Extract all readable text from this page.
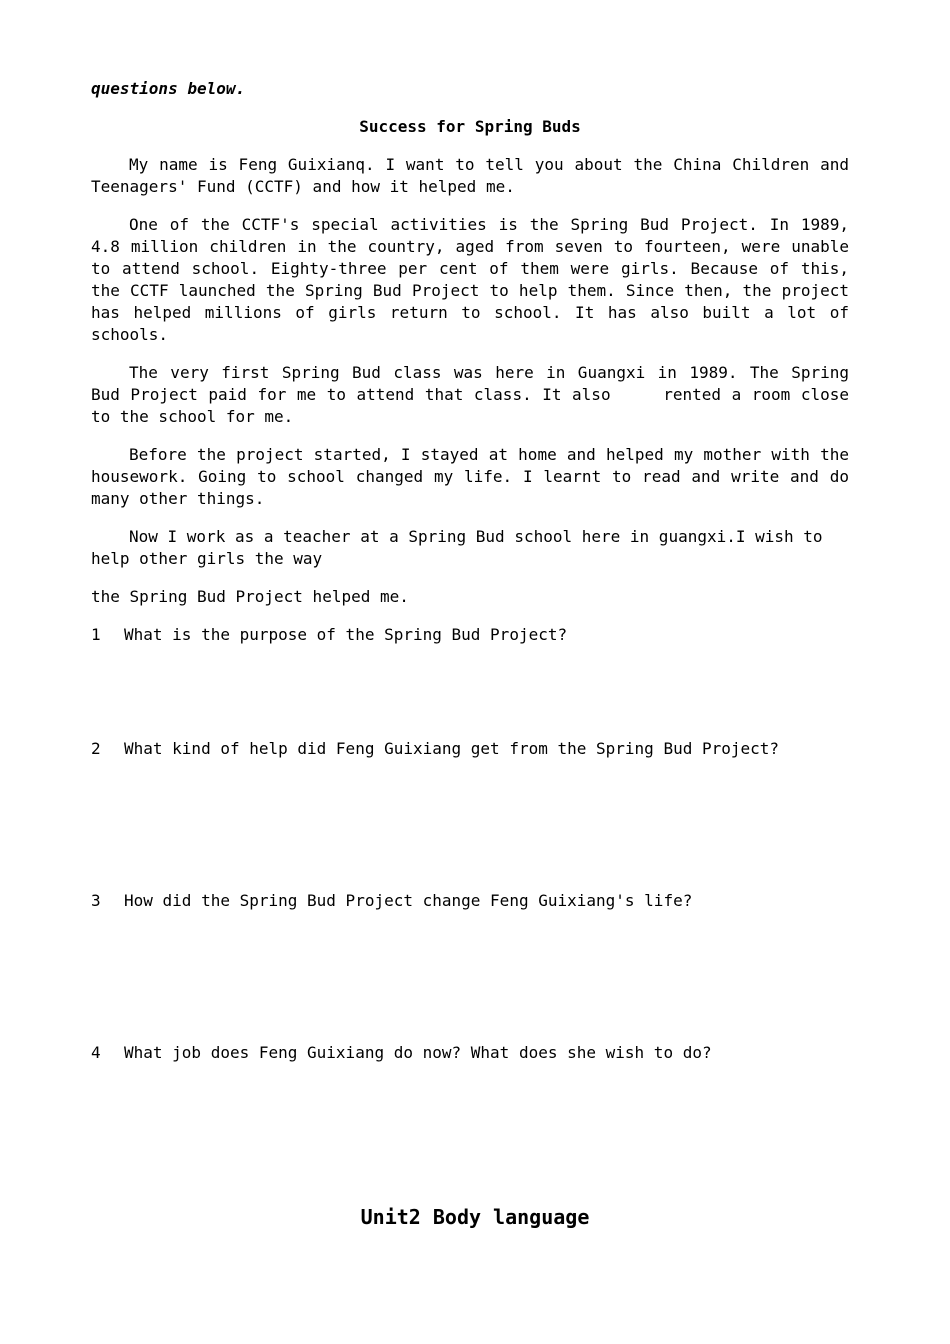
questions below.

Success for Spring Buds

My name is Feng Guixianq. I want to tell you about the China Children and Teenagers' Fund (CCTF) and how it helped me.

One of the CCTF's special activities is the Spring Bud Project. In 1989, 4.8 million children in the country, aged from seven to fourteen, were unable to attend school. Eighty-three per cent of them were girls. Because of this, the CCTF launched the Spring Bud Project to help them. Since then, the project has helped millions of girls return to school. It has also built a lot of schools.

The very first Spring Bud class was here in Guangxi in 1989. The Spring Bud Project paid for me to attend that class. It also     rented a room close to the school for me.

Before the project started, I stayed at home and helped my mother with the housework. Going to school changed my life. I learnt to read and write and do many other things.

Now I work as a teacher at a Spring Bud school here in guangxi.I wish to help other girls the way

the Spring Bud Project helped me.

1 What is the purpose of the Spring Bud Project?

2 What kind of help did Feng Guixiang get from the Spring Bud Project?

3 How did the Spring Bud Project change Feng Guixiang's life?

4 What job does Feng Guixiang do now? What does she wish to do?

Unit2 Body language
